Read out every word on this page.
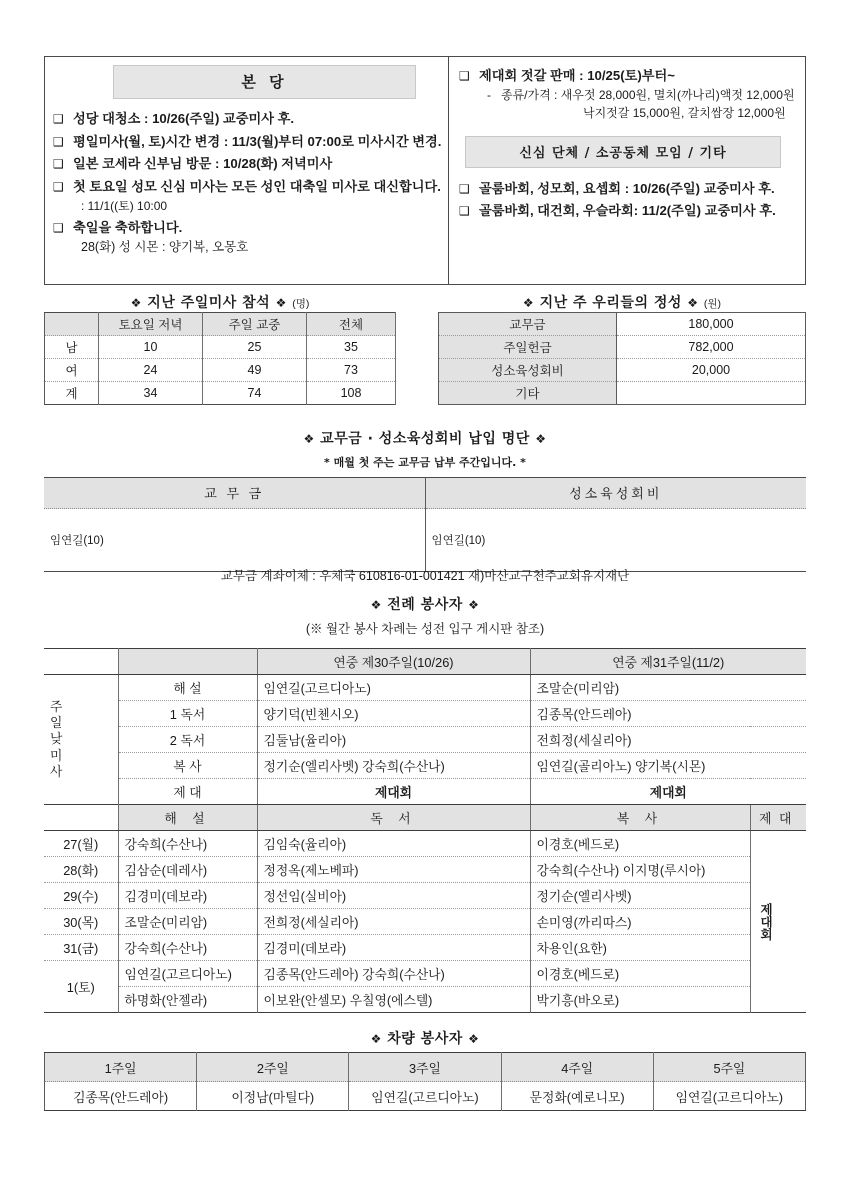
본 당
❑ 성당 대청소 : 10/26(주일) 교중미사 후.
❑ 평일미사(월, 토)시간 변경 : 11/3(월)부터 07:00로 미사시간 변경.
❑ 일본 코세라 신부님 방문 : 10/28(화) 저녁미사
❑ 첫 토요일 성모 신심 미사는 모든 성인 대축일 미사로 대신합니다.
: 11/1((토) 10:00
❑ 축일을 축하합니다.
28(화) 성 시몬 : 양기복, 오몽호
❑ 제대회 젓갈 판매 : 10/25(토)부터~
- 종류/가격 : 새우젓 28,000원, 멸치(까나리)액젓 12,000원
낙지젓갈 15,000원, 갈치쌈장 12,000원
신심 단체 / 소공동체 모임 / 기타
❑ 골룸바회, 성모회, 요셉회 : 10/26(주일) 교중미사 후.
❑ 골룸바회, 대건회, 우슬라회: 11/2(주일) 교중미사 후.
❖ 지난 주일미사 참석 ❖ (명)
	토요일 저녁	주일 교중	전체
남	10	25	35
여	24	49	73
계	34	74	108
❖ 지난 주 우리들의 정성 ❖ (원)
교무금	180,000
주일헌금	782,000
성소육성회비	20,000
기타	
❖ 교무금 · 성소육성회비 납입 명단 ❖
* 매월 첫 주는 교무금 납부 주간입니다. *
교 무 금	성소육성회비
임연길(10)	임연길(10)
교무금 계좌이체 : 우체국 610816-01-001421 재)마산교구천주교회유지재단
❖ 전례 봉사자 ❖
(※ 월간 봉사 차례는 성전 입구 게시판 참조)
		연중 제30주일(10/26)	연중 제31주일(11/2)	
주
일
낮
미
사	해 설	임연길(고르디아노)	조말순(미리암)	
	1 독서	양기덕(빈첸시오)	김종목(안드레아)	
	2 독서	김둘남(율리아)	전희정(세실리아)	
	복 사	정기순(엘리사벳) 강숙희(수산나)	임연길(골리아노) 양기복(시몬)	
	제 대	제대회	제대회	
	해 설	독 서	복 사	제 대
27(월)	강숙희(수산나)	김임숙(율리아)	이경호(베드로)	제대회

28(화)	김삼순(데레사)	정정옥(제노베파)	강숙희(수산나) 이지명(루시아)	
29(수)	김경미(데보라)	정선임(실비아)	정기순(엘리사벳)	
30(목)	조말순(미리암)	전희정(세실리아)	손미영(까리따스)	
31(금)	강숙희(수산나)	김경미(데보라)	차용인(요한)	
1(토)	임연길(고르디아노)	김종목(안드레아) 강숙희(수산나)	이경호(베드로)	
	하명화(안젤라)	이보완(안셀모) 우칠영(에스텔)	박기흥(바오로)	
❖ 차량 봉사자 ❖
1주일	2주일	3주일	4주일	5주일
김종목(안드레아)	이정남(마틸다)	임연길(고르디아노)	문정화(예로니모)	임연길(고르디아노)
